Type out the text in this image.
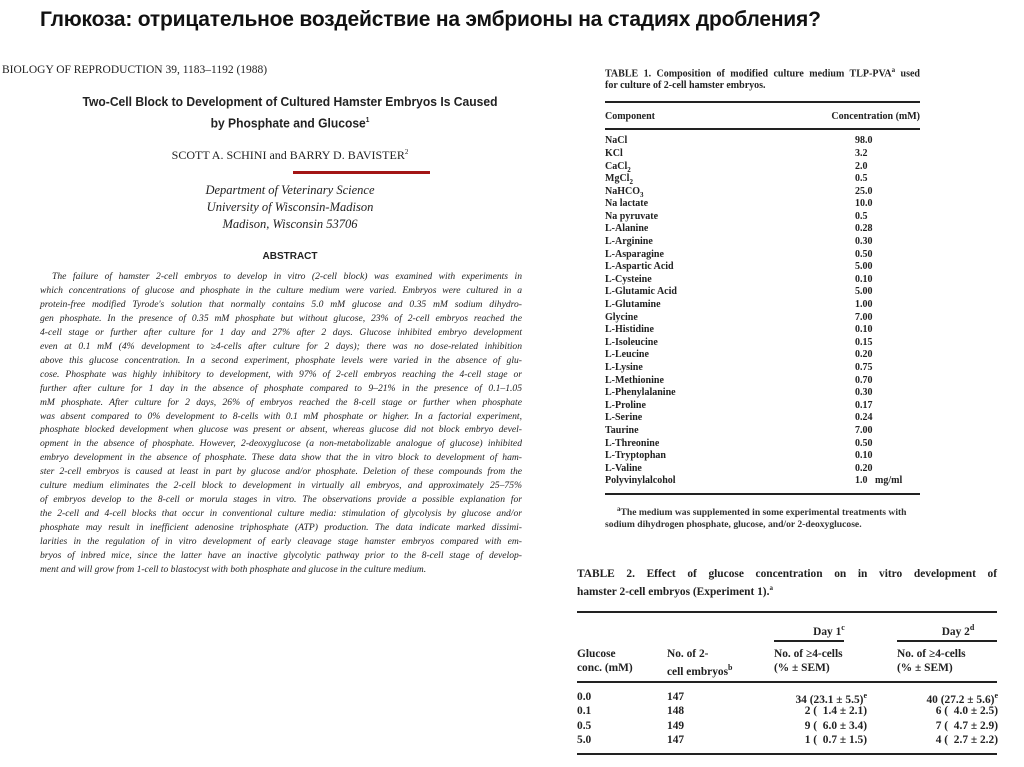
Глюкоза: отрицательное воздействие на эмбрионы на стадиях дробления?
BIOLOGY OF REPRODUCTION 39, 1183–1192 (1988)
Two-Cell Block to Development of Cultured Hamster Embryos Is Caused
by Phosphate and Glucose$^1$
SCOTT A. SCHINI and BARRY D. BAVISTER$^2$
Department of Veterinary Science
University of Wisconsin-Madison
Madison, Wisconsin 53706
ABSTRACT
The failure of hamster 2-cell embryos to develop in vitro (2-cell block) was examined with experiments in
which concentrations of glucose and phosphate in the culture medium were varied. Embryos were cultured in a
protein-free modified Tyrode's solution that normally contains 5.0 mM glucose and 0.35 mM sodium dihydro-
gen phosphate. In the presence of 0.35 mM phosphate but without glucose, 23% of 2-cell embryos reached the
4-cell stage or further after culture for 1 day and 27% after 2 days. Glucose inhibited embryo development
even at 0.1 mM (4% development to ≥4-cells after culture for 2 days); there was no dose-related inhibition
above this glucose concentration. In a second experiment, phosphate levels were varied in the absence of glu-
cose. Phosphate was highly inhibitory to development, with 97% of 2-cell embryos reaching the 4-cell stage or
further after culture for 1 day in the absence of phosphate compared to 9–21% in the presence of 0.1–1.05
mM phosphate. After culture for 2 days, 26% of embryos reached the 8-cell stage or further when phosphate
was absent compared to 0% development to 8-cells with 0.1 mM phosphate or higher. In a factorial experiment,
phosphate blocked development when glucose was present or absent, whereas glucose did not block embryo devel-
opment in the absence of phosphate. However, 2-deoxyglucose (a non-metabolizable analogue of glucose) inhibited
embryo development in the absence of phosphate. These data show that the in vitro block to development of ham-
ster 2-cell embryos is caused at least in part by glucose and/or phosphate. Deletion of these compounds from the
culture medium eliminates the 2-cell block to development in virtually all embryos, and approximately 25–75%
of embryos develop to the 8-cell or morula stages in vitro. The observations provide a possible explanation for
the 2-cell and 4-cell blocks that occur in conventional culture media: stimulation of glycolysis by glucose and/or
phosphate may result in inefficient adenosine triphosphate (ATP) production. The data indicate marked dissimi-
larities in the regulation of in vitro development of early cleavage stage hamster embryos compared with em-
bryos of inbred mice, since the latter have an inactive glycolytic pathway prior to the 8-cell stage of develop-
ment and will grow from 1-cell to blastocyst with both phosphate and glucose in the culture medium.
TABLE 1. Composition of modified culture medium TLP-PVA$^a$ used
for culture of 2-cell hamster embryos.
Component	Concentration (mM)
NaCl	98.0
KCl	3.2
CaCl$_2$	2.0
MgCl$_2$	0.5
NaHCO$_3$	25.0
Na lactate	10.0
Na pyruvate	0.5
L-Alanine	0.28
L-Arginine	0.30
L-Asparagine	0.50
L-Aspartic Acid	5.00
L-Cysteine	0.10
L-Glutamic Acid	5.00
L-Glutamine	1.00
Glycine	7.00
L-Histidine	0.10
L-Isoleucine	0.15
L-Leucine	0.20
L-Lysine	0.75
L-Methionine	0.70
L-Phenylalanine	0.30
L-Proline	0.17
L-Serine	0.24
Taurine	7.00
L-Threonine	0.50
L-Tryptophan	0.10
L-Valine	0.20
Polyvinylalcohol	1.0   mg/ml
$^a$The medium was supplemented in some experimental treatments with sodium dihydrogen phosphate, glucose, and/or 2-deoxyglucose.
TABLE 2. Effect of glucose concentration on in vitro development of
hamster 2-cell embryos (Experiment 1).$^a$
Day 1$^c$	Day 2$^d$
Glucose
conc. (mM)
No. of 2-
cell embryos$^b$
No. of ≥4-cells
(% ± SEM)
No. of ≥4-cells
(% ± SEM)
0.0	147	34 $(23.1 \pm 5.5)^e$	40 $(27.2 \pm 5.6)^e$
0.1	148	2 (  1.4 ± 2.1)	6 (  4.0 ± 2.5)
0.5	149	9 (  6.0 ± 3.4)	7 (  4.7 ± 2.9)
5.0	147	1 (  0.7 ± 1.5)	4 (  2.7 ± 2.2)
